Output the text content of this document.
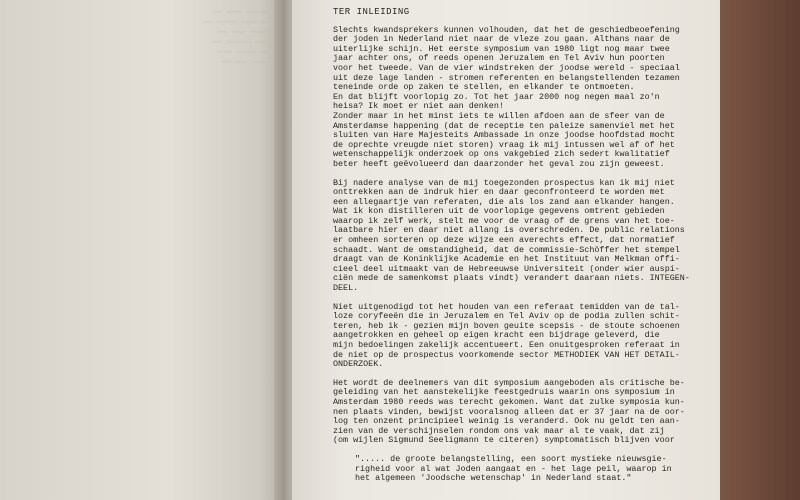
————— ——— ——
—— ——— ———— ——
———— ——— ——
——— ————— ——
—— ———— ———
———— —— ——
TER INLEIDING
Slechts kwandsprekers kunnen volhouden, dat het de geschiedbeoefening
der joden in Nederland niet naar de vleze zou gaan. Althans naar de
uiterlijke schijn. Het eerste symposium van 1980 ligt nog maar twee
jaar achter ons, of reeds openen Jeruzalem en Tel Aviv hun poorten
voor het tweede. Van de vier windstreken der joodse wereld - speciaal
uit deze lage landen - stromen referenten en belangstellenden tezamen
teneinde orde op zaken te stellen, en elkander te ontmoeten.
En dat blijft voorlopig zo. Tot het jaar 2000 nog negen maal zo'n
heisa? Ik moet er niet aan denken!
Zonder maar in het minst iets te willen afdoen aan de sfeer van de
Amsterdamse happening (dat de receptie ten paleize samenviel met het
sluiten van Hare Majesteits Ambassade in onze joodse hoofdstad mocht
de oprechte vreugde niet storen) vraag ik mij intussen wel af of het
wetenschappelijk onderzoek op ons vakgebied zich sedert kwalitatief
beter heeft geëvolueerd dan daarzonder het geval zou zijn geweest.
Bij nadere analyse van de mij toegezonden prospectus kan ik mij niet
onttrekken aan de indruk hier en daar geconfronteerd te worden met
een allegaartje van referaten, die als los zand aan elkander hangen.
Wat ik kon distilleren uit de voorlopige gegevens omtrent gebieden
waarop ik zelf werk, stelt me voor de vraag of de grens van het toe-
laatbare hier en daar niet allang is overschreden. De public relations
er omheen sorteren op deze wijze een averechts effect, dat normatief
schaadt. Want de omstandigheid, dat de commissie-Schöffer het stempel
draagt van de Koninklijke Academie en het Instituut van Melkman offi-
cieel deel uitmaakt van de Hebreeuwse Universiteit (onder wier auspi-
ciën mede de samenkomst plaats vindt) verandert daaraan niets. INTEGEN-
DEEL.
Niet uitgenodigd tot het houden van een referaat temidden van de tal-
loze coryfeeën die in Jeruzalem en Tel Aviv op de podia zullen schit-
teren, heb ik - gezien mijn boven geuite scepsis - de stoute schoenen
aangetrokken en geheel op eigen kracht een bijdrage geleverd, die
mijn bedoelingen zakelijk accentueert. Een onuitgesproken referaat in
de niet op de prospectus voorkomende sector METHODIEK VAN HET DETAIL-
ONDERZOEK.
Het wordt de deelnemers van dit symposium aangeboden als critische be-
geleiding van het aanstekelijke feestgedruis waarin ons symposium in
Amsterdam 1980 reeds was terecht gekomen. Want dat zulke symposia kun-
nen plaats vinden, bewijst vooralsnog alleen dat er 37 jaar na de oor-
log ten onzent principieel weinig is veranderd. Ook nu geldt ten aan-
zien van de verschijnselen rondom ons vak maar al te vaak, dat zij
(om wijlen Sigmund Seeligmann te citeren) symptomatisch blijven voor
"..... de groote belangstelling, een soort mystieke nieuwsgie-
righeid voor al wat Joden aangaat en - het lage peil, waarop in
het algemeen 'Joodsche wetenschap' in Nederland staat."
